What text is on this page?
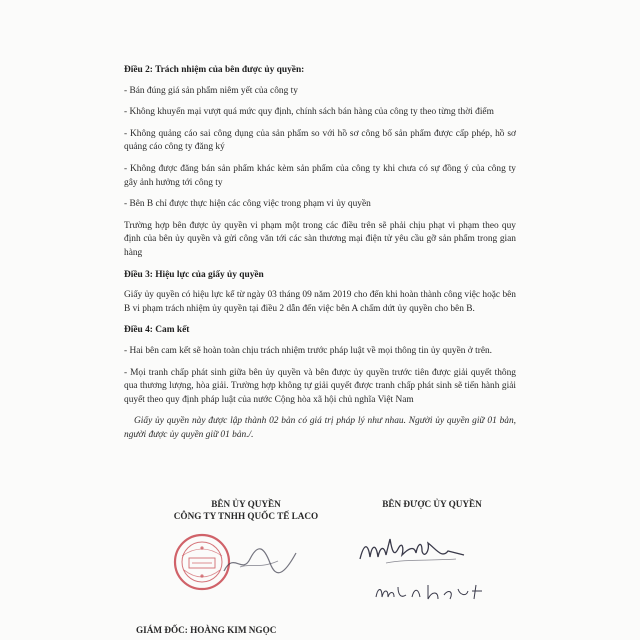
Điều 2: Trách nhiệm của bên được ủy quyền:
- Bán đúng giá sản phẩm niêm yết của công ty
- Không khuyến mại vượt quá mức quy định, chính sách bán hàng của công ty theo từng thời điểm
- Không quảng cáo sai công dụng của sản phẩm so với hồ sơ công bố sản phẩm được cấp phép, hồ sơ quảng cáo công ty đăng ký
- Không được đăng bán sản phẩm khác kèm sản phẩm của công ty khi chưa có sự đồng ý của công ty gây ảnh hưởng tới công ty
- Bên B chỉ được thực hiện các công việc trong phạm vi ủy quyền
Trường hợp bên được ủy quyền vi phạm một trong các điều trên sẽ phải chịu phạt vi phạm theo quy định của bên ủy quyền và gửi công văn tới các sàn thương mại điện tử yêu cầu gỡ sản phẩm trong gian hàng
Điều 3: Hiệu lực của giấy ủy quyền
Giấy ủy quyền có hiệu lực kể từ ngày 03 tháng 09 năm 2019 cho đến khi hoàn thành công việc hoặc bên B vi phạm trách nhiệm ủy quyền tại điều 2 dẫn đến việc bên A chấm dứt ủy quyền cho bên B.
Điều 4: Cam kết
- Hai bên cam kết sẽ hoàn toàn chịu trách nhiệm trước pháp luật về mọi thông tin ủy quyền ở trên.
- Mọi tranh chấp phát sinh giữa bên ủy quyền và bên được ủy quyền trước tiên được giải quyết thông qua thương lượng, hòa giải. Trường hợp không tự giải quyết được tranh chấp phát sinh sẽ tiến hành giải quyết theo quy định pháp luật của nước Cộng hòa xã hội chủ nghĩa Việt Nam
Giấy ủy quyền này được lập thành 02 bản có giá trị pháp lý như nhau. Người ủy quyền giữ 01 bản, người được ủy quyền giữ 01 bản./.
BÊN ỦY QUYỀN
CÔNG TY TNHH QUỐC TẾ LACO
BÊN ĐƯỢC ỦY QUYỀN
GIÁM ĐỐC: HOÀNG KIM NGỌC
